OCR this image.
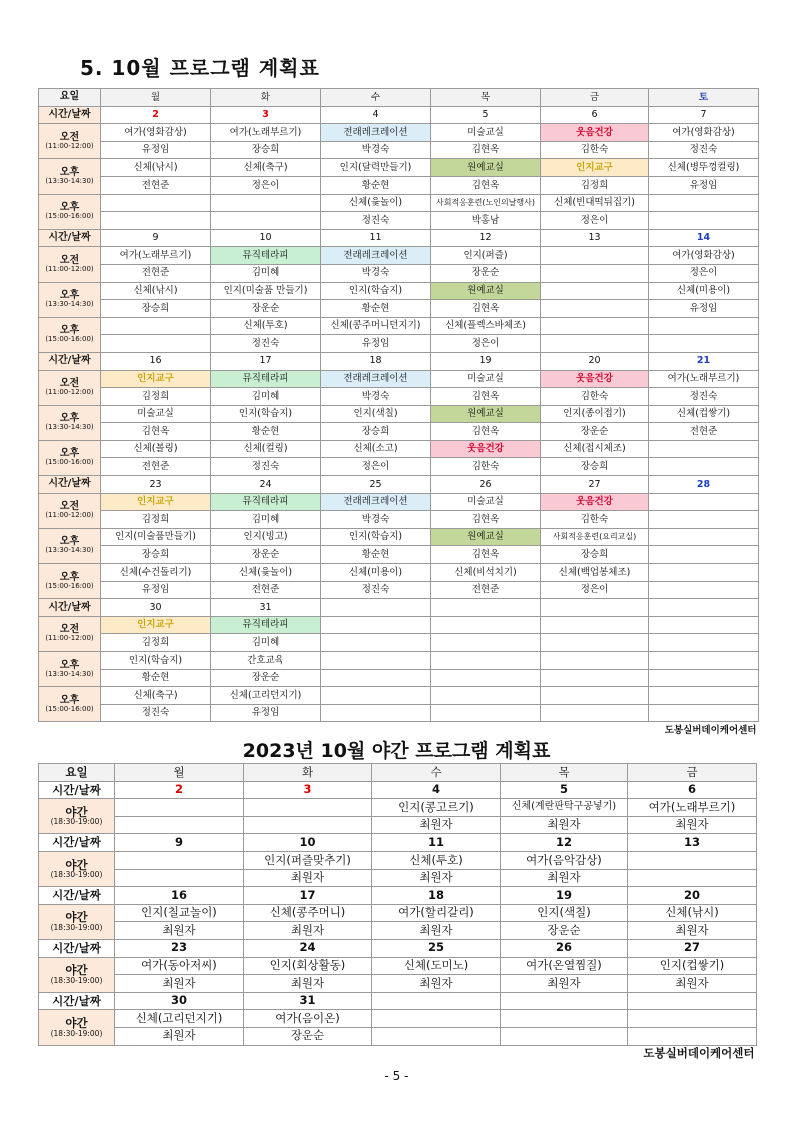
5. 10월 프로그램 계획표
요일	월	화	수	목	금	토

시간/날짜	2	3	4	5	6	7

오전
(11:00-12:00)	여가(영화감상)	여가(노래부르기)	전래레크레이션	미술교실	웃음건강	여가(영화감상)
	유정임	장승희	박경숙	김현옥	김한숙	정진숙

오후
(13:30-14:30)	신체(낚시)	신체(축구)	인지(달력만들기)	원예교실	인지교구	신체(병뚜껑컬링)
	전현준	정은이	황순현	김현옥	김정희	유정임

오후
(15:00-16:00)			신체(윷놀이)	사회적응훈련(노인의날행사)	신체(빈대떡뒤집기)	
			정진숙	박홍남	정은이	

시간/날짜	9	10	11	12	13	14

오전
(11:00-12:00)	여가(노래부르기)	뮤직테라피	전래레크레이션	인지(퍼즐)		여가(영화감상)
	전현준	김미혜	박경숙	장운순		정은이

오후
(13:30-14:30)	신체(낚시)	인지(미술품 만들기)	인지(학습지)	원예교실		신체(미용이)
	장승희	장운순	황순현	김현옥		유정임

오후
(15:00-16:00)		신체(투호)	신체(콩주머니던지기)	신체(플렉스바체조)		
		정진숙	유정임	정은이		

시간/날짜	16	17	18	19	20	21

오전
(11:00-12:00)	인지교구	뮤직테라피	전래레크레이션	미술교실	웃음건강	여가(노래부르기)
	김정희	김미혜	박경숙	김현옥	김한숙	정진숙

오후
(13:30-14:30)	미술교실	인지(학습지)	인지(색칠)	원예교실	인지(종이접기)	신체(컵쌓기)
	김현옥	황순현	장승희	김현옥	장운순	전현준

오후
(15:00-16:00)	신체(볼링)	신체(컬링)	신체(소고)	웃음건강	신체(접시체조)	
	전현준	정진숙	정은이	김한숙	장승희	

시간/날짜	23	24	25	26	27	28

오전
(11:00-12:00)	인지교구	뮤직테라피	전래레크레이션	미술교실	웃음건강	
	김정희	김미혜	박경숙	김현옥	김한숙	

오후
(13:30-14:30)	인지(미술품만들기)	인지(빙고)	인지(학습지)	원예교실	사회적응훈련(요리교실)	
	장승희	장운순	황순현	김현옥	장승희	

오후
(15:00-16:00)	신체(수건돌리기)	신체(윷놀이)	신체(미용이)	신체(비석치기)	신체(백업봉체조)	
	유정임	전현준	정진숙	전현준	정은이	

시간/날짜	30	31				

오전
(11:00-12:00)	인지교구	뮤직테라피				
	김정희	김미혜				

오후
(13:30-14:30)	인지(학습지)	간호교육				
	황순현	장운순				

오후
(15:00-16:00)	신체(축구)	신체(고리던지기)				
	정진숙	유정임				
도봉실버데이케어센터						
2023년 10월 야간 프로그램 계획표
요일	월	화	수	목	금

시간/날짜	2	3	4	5	6

야간
(18:30-19:00)			인지(콩고르기)	신체(계란판탁구공넣기)	여가(노래부르기)
			최원자	최원자	최원자

시간/날짜	9	10	11	12	13

야간
(18:30-19:00)		인지(퍼즐맞추기)	신체(투호)	여가(음악감상)	
		최원자	최원자	최원자	

시간/날짜	16	17	18	19	20

야간
(18:30-19:00)	인지(칠교놀이)	신체(콩주머니)	여가(할리갈리)	인지(색칠)	신체(낚시)
	최원자	최원자	최원자	장운순	최원자

시간/날짜	23	24	25	26	27

야간
(18:30-19:00)	여가(동아저씨)	인지(회상활동)	신체(도미노)	여가(온열찜질)	인지(컵쌓기)
	최원자	최원자	최원자	최원자	최원자

시간/날짜	30	31			

야간
(18:30-19:00)	신체(고리던지기)	여가(음이온)			
	최원자	장운순			
도봉실버데이케어센터					
- 5 -
